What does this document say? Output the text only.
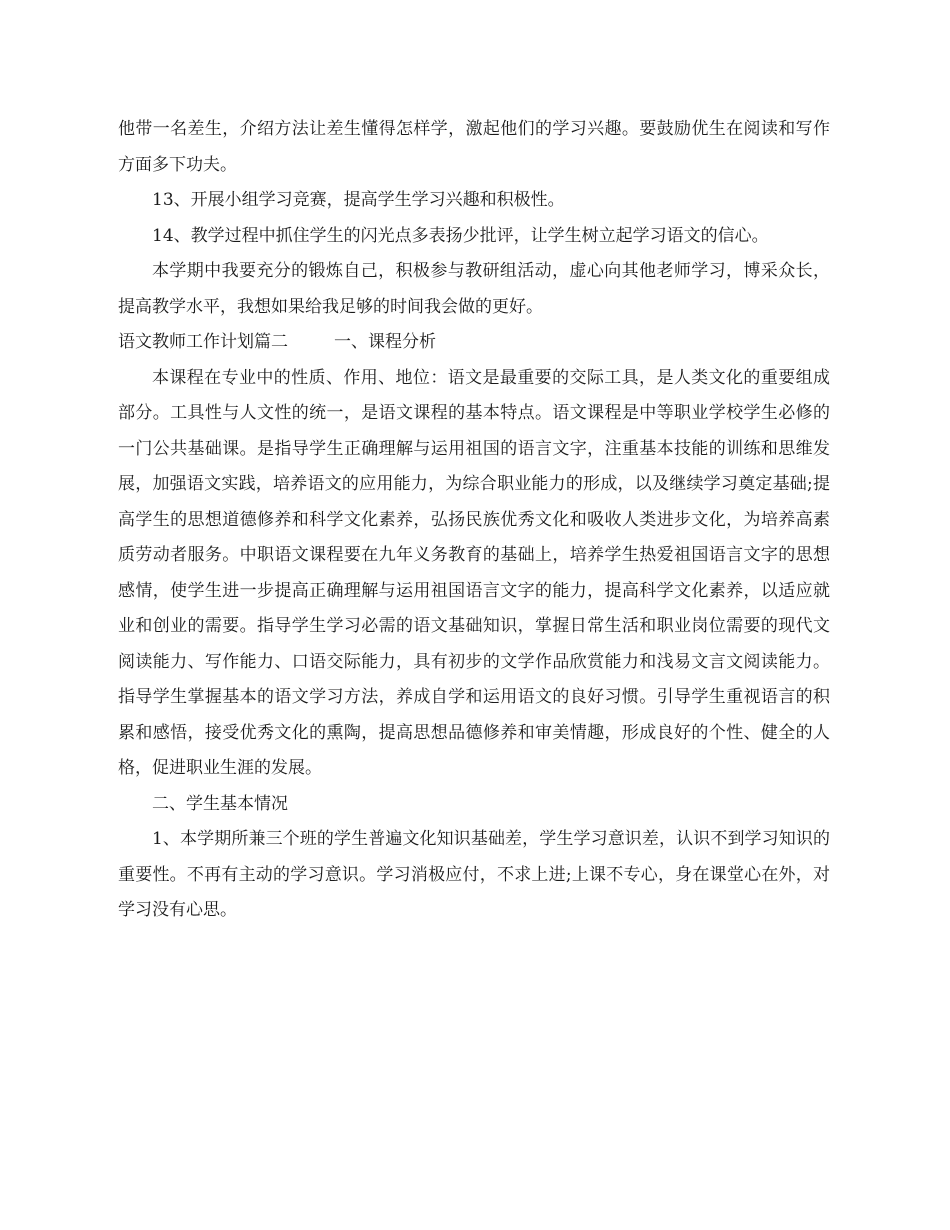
他带一名差生，介绍方法让差生懂得怎样学，激起他们的学习兴趣。要鼓励优生在阅读和写作方面多下功夫。

13、开展小组学习竞赛，提高学生学习兴趣和积极性。

14、教学过程中抓住学生的闪光点多表扬少批评，让学生树立起学习语文的信心。

本学期中我要充分的锻炼自己，积极参与教研组活动，虚心向其他老师学习，博采众长，提高教学水平，我想如果给我足够的时间我会做的更好。

语文教师工作计划篇二	一、课程分析

本课程在专业中的性质、作用、地位：语文是最重要的交际工具，是人类文化的重要组成部分。工具性与人文性的统一，是语文课程的基本特点。语文课程是中等职业学校学生必修的一门公共基础课。是指导学生正确理解与运用祖国的语言文字，注重基本技能的训练和思维发展，加强语文实践，培养语文的应用能力，为综合职业能力的形成，以及继续学习奠定基础;提高学生的思想道德修养和科学文化素养，弘扬民族优秀文化和吸收人类进步文化，为培养高素质劳动者服务。中职语文课程要在九年义务教育的基础上，培养学生热爱祖国语言文字的思想感情，使学生进一步提高正确理解与运用祖国语言文字的能力，提高科学文化素养，以适应就业和创业的需要。指导学生学习必需的语文基础知识，掌握日常生活和职业岗位需要的现代文阅读能力、写作能力、口语交际能力，具有初步的文学作品欣赏能力和浅易文言文阅读能力。指导学生掌握基本的语文学习方法，养成自学和运用语文的良好习惯。引导学生重视语言的积累和感悟，接受优秀文化的熏陶，提高思想品德修养和审美情趣，形成良好的个性、健全的人格，促进职业生涯的发展。

二、学生基本情况

1、本学期所兼三个班的学生普遍文化知识基础差，学生学习意识差，认识不到学习知识的重要性。不再有主动的学习意识。学习消极应付，不求上进;上课不专心，身在课堂心在外，对学习没有心思。
